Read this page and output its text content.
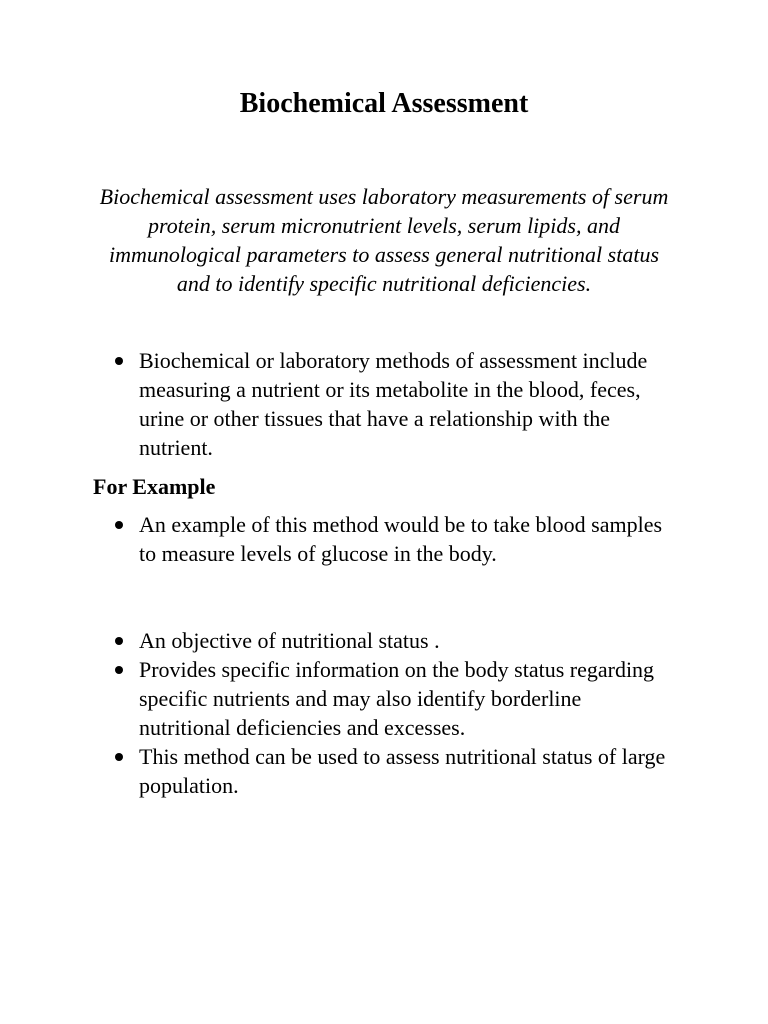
Biochemical Assessment

Biochemical assessment uses laboratory measurements of serum protein, serum micronutrient levels, serum lipids, and immunological parameters to assess general nutritional status and to identify specific nutritional deficiencies.

Biochemical or laboratory methods of assessment include measuring a nutrient or its metabolite in the blood, feces, urine or other tissues that have a relationship with the nutrient.
For Example
An example of this method would be to take blood samples to measure levels of glucose in the body.
An objective of nutritional status .
Provides specific information on the body status regarding specific nutrients and may also identify borderline nutritional deficiencies and excesses.
This method can be used to assess nutritional status of large population.
